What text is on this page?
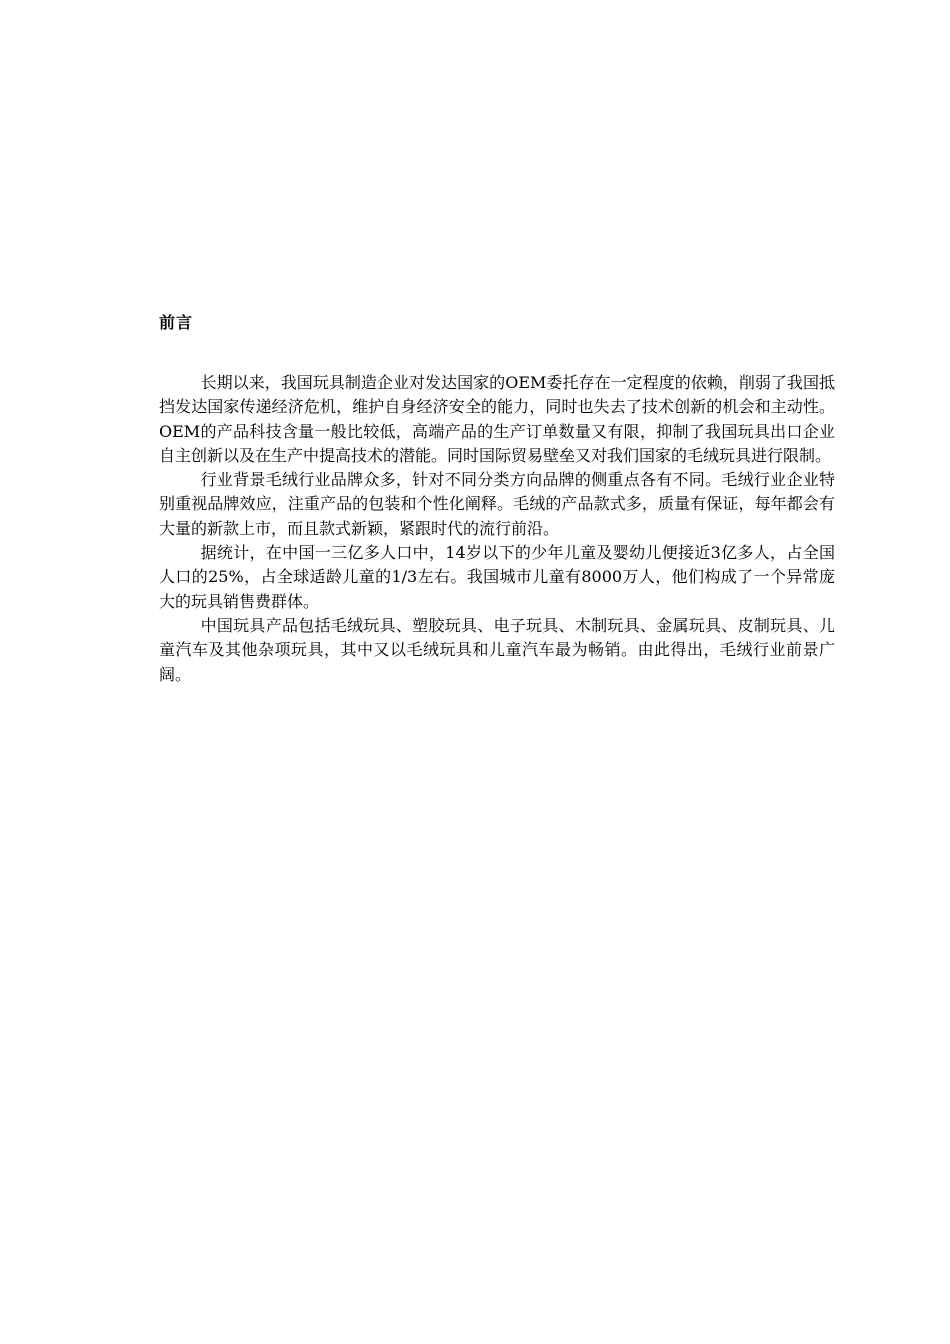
前言

长期以来，我国玩具制造企业对发达国家的OEM委托存在一定程度的依赖，削弱了我国抵挡发达国家传递经济危机，维护自身经济安全的能力，同时也失去了技术创新的机会和主动性。OEM的产品科技含量一般比较低，高端产品的生产订单数量又有限，抑制了我国玩具出口企业自主创新以及在生产中提高技术的潜能。同时国际贸易壁垒又对我们国家的毛绒玩具进行限制。

行业背景毛绒行业品牌众多，针对不同分类方向品牌的侧重点各有不同。毛绒行业企业特别重视品牌效应，注重产品的包装和个性化阐释。毛绒的产品款式多，质量有保证，每年都会有大量的新款上市，而且款式新颖，紧跟时代的流行前沿。

据统计，在中国一三亿多人口中，14岁以下的少年儿童及婴幼儿便接近3亿多人，占全国人口的25%，占全球适龄儿童的1/3左右。我国城市儿童有8000万人，他们构成了一个异常庞大的玩具销售费群体。

中国玩具产品包括毛绒玩具、塑胶玩具、电子玩具、木制玩具、金属玩具、皮制玩具、儿童汽车及其他杂项玩具，其中又以毛绒玩具和儿童汽车最为畅销。由此得出，毛绒行业前景广阔。
